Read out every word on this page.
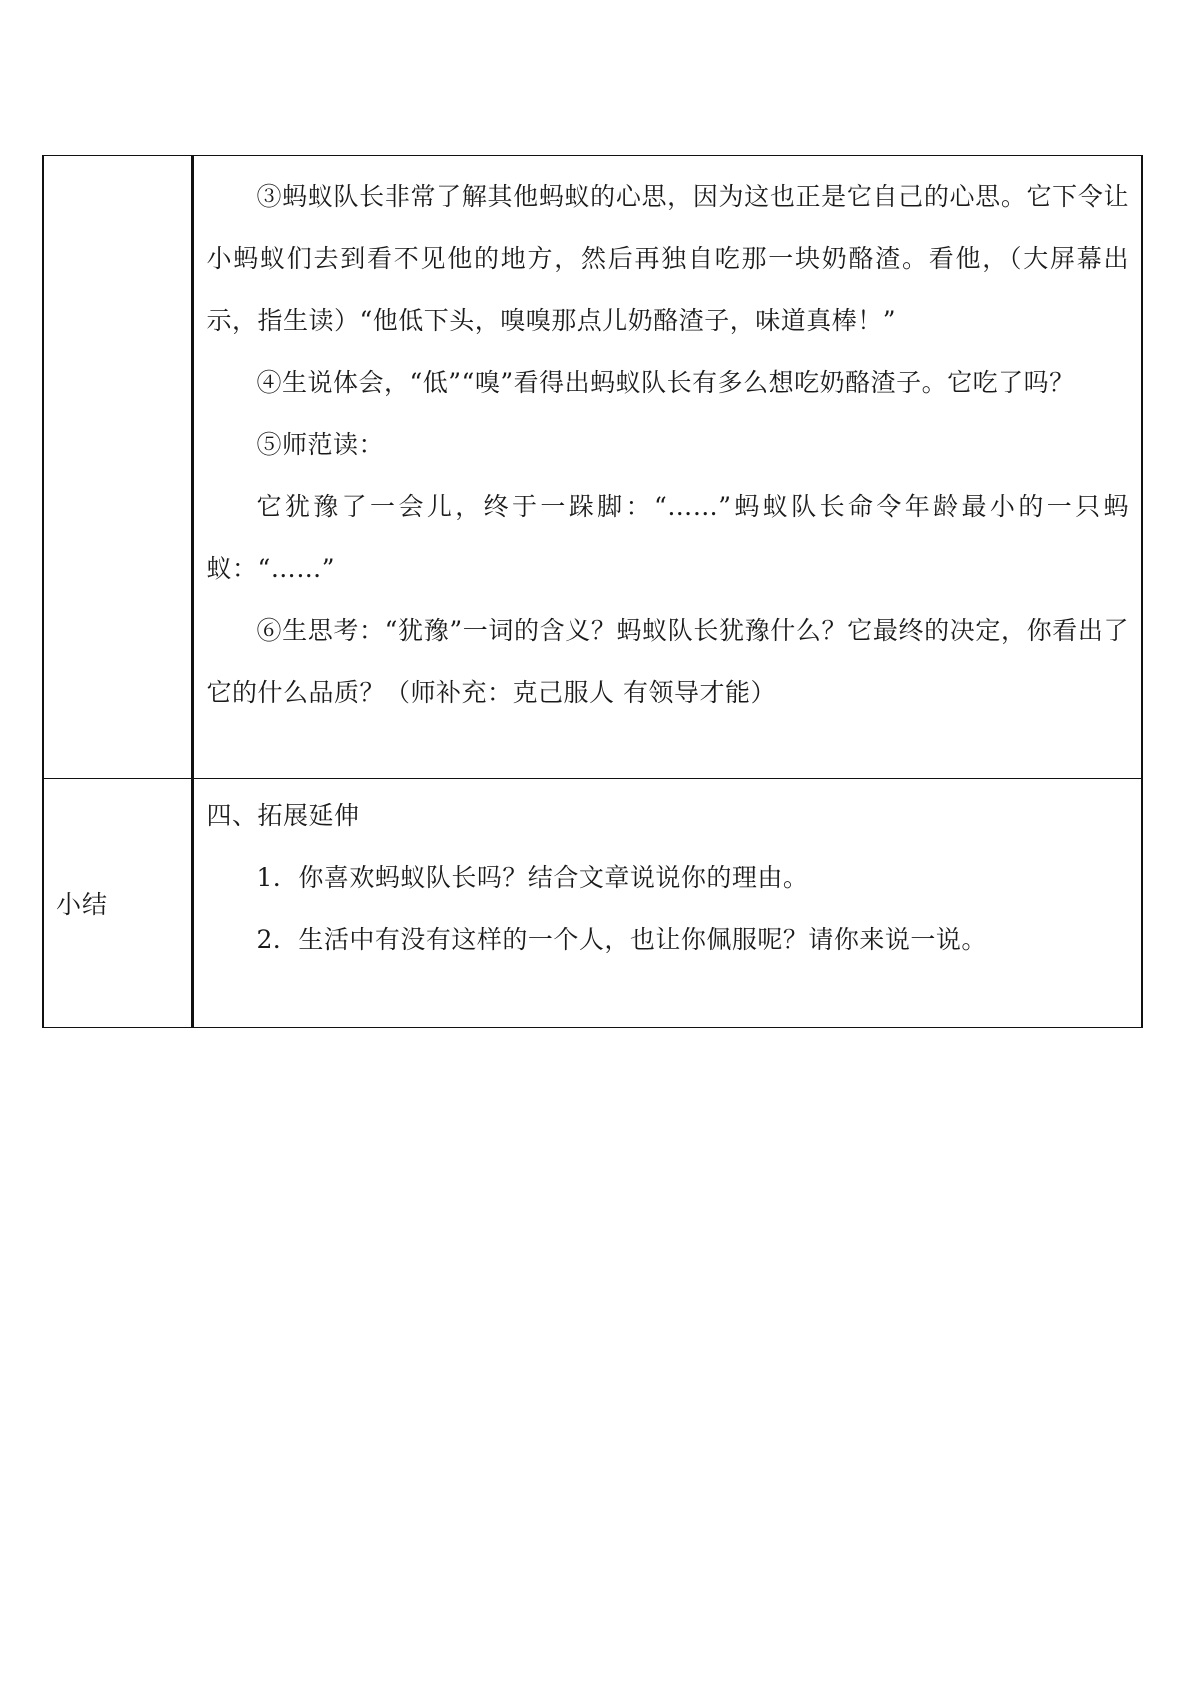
	③蚂蚁队长非常了解其他蚂蚁的心思，因为这也正是它自己的心思。它下令让小蚂蚁们去到看不见他的地方，然后再独自吃那一块奶酪渣。看他，（大屏幕出示，指生读）“他低下头，嗅嗅那点儿奶酪渣子，味道真棒！”

④生说体会，“低”“嗅”看得出蚂蚁队长有多么想吃奶酪渣子。它吃了吗？

⑤师范读：

它犹豫了一会儿，终于一跺脚：“……”蚂蚁队长命令年龄最小的一只蚂蚁：“……”

⑥生思考：“犹豫”一词的含义？蚂蚁队长犹豫什么？它最终的决定，你看出了它的什么品质？（师补充：克己服人 有领导才能）

小结	四、拓展延伸

1．你喜欢蚂蚁队长吗？结合文章说说你的理由。

2．生活中有没有这样的一个人，也让你佩服呢？请你来说一说。
